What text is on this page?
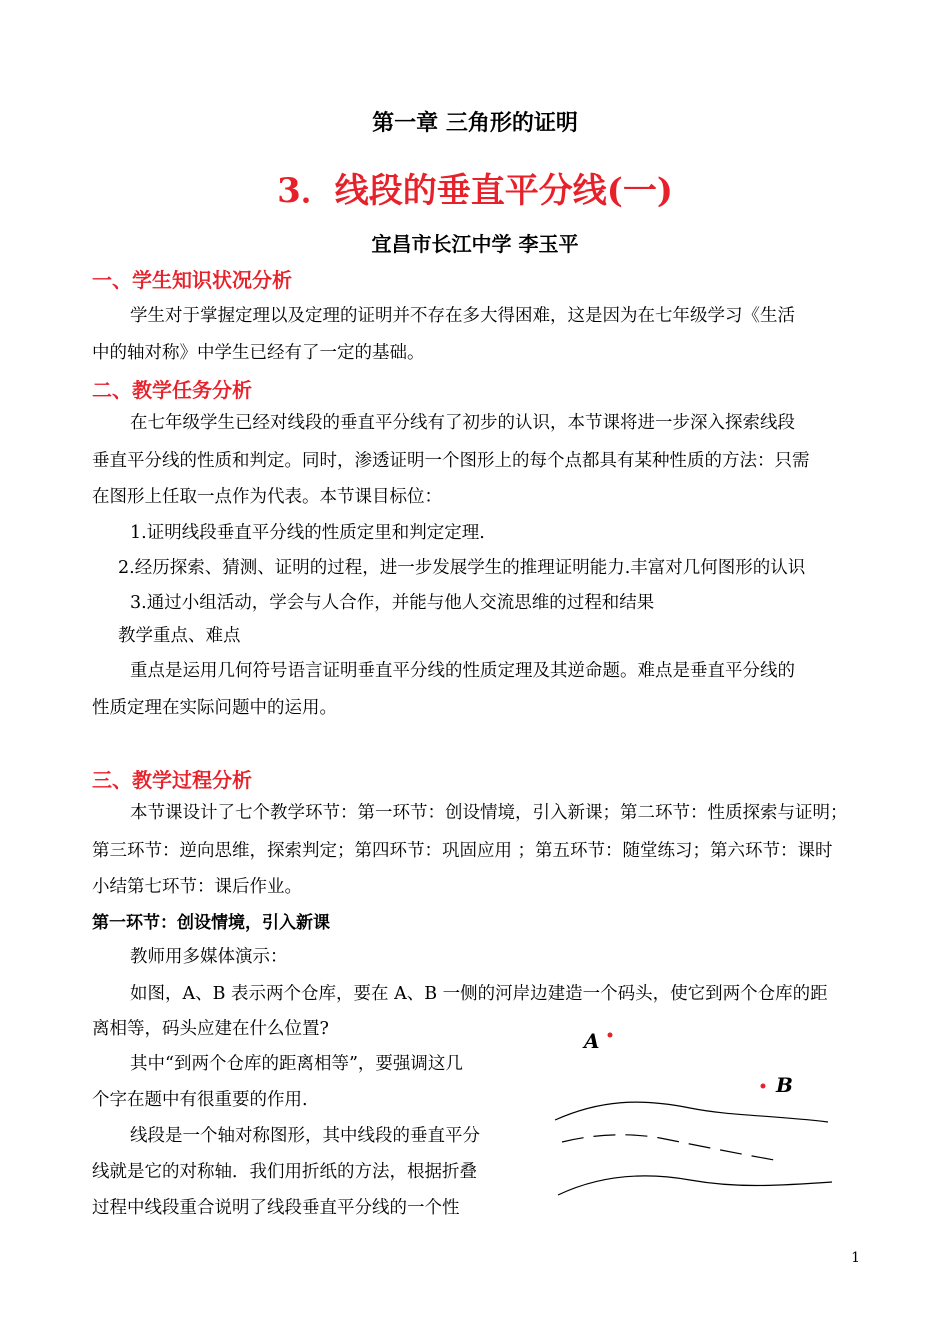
第一章 三角形的证明
3．线段的垂直平分线(一)
宜昌市长江中学 李玉平
一、学生知识状况分析
学生对于掌握定理以及定理的证明并不存在多大得困难，这是因为在七年级学习《生活
中的轴对称》中学生已经有了一定的基础。
二、教学任务分析
在七年级学生已经对线段的垂直平分线有了初步的认识，本节课将进一步深入探索线段
垂直平分线的性质和判定。同时，渗透证明一个图形上的每个点都具有某种性质的方法：只需
在图形上任取一点作为代表。本节课目标位：
1.证明线段垂直平分线的性质定里和判定定理.
2.经历探索、猜测、证明的过程，进一步发展学生的推理证明能力.丰富对几何图形的认识
3.通过小组活动，学会与人合作，并能与他人交流思维的过程和结果
教学重点、难点
重点是运用几何符号语言证明垂直平分线的性质定理及其逆命题。难点是垂直平分线的
性质定理在实际问题中的运用。
三、教学过程分析
本节课设计了七个教学环节：第一环节：创设情境，引入新课；第二环节：性质探索与证明；
第三环节：逆向思维，探索判定；第四环节：巩固应用 ；第五环节：随堂练习；第六环节：课时
小结第七环节：课后作业。
第一环节：创设情境，引入新课
教师用多媒体演示：
如图，A、B 表示两个仓库，要在 A、B 一侧的河岸边建造一个码头，使它到两个仓库的距
离相等，码头应建在什么位置?
其中“到两个仓库的距离相等”，要强调这几
个字在题中有很重要的作用.
线段是一个轴对称图形，其中线段的垂直平分
线就是它的对称轴．我们用折纸的方法，根据折叠
过程中线段重合说明了线段垂直平分线的一个性
A
B
1
